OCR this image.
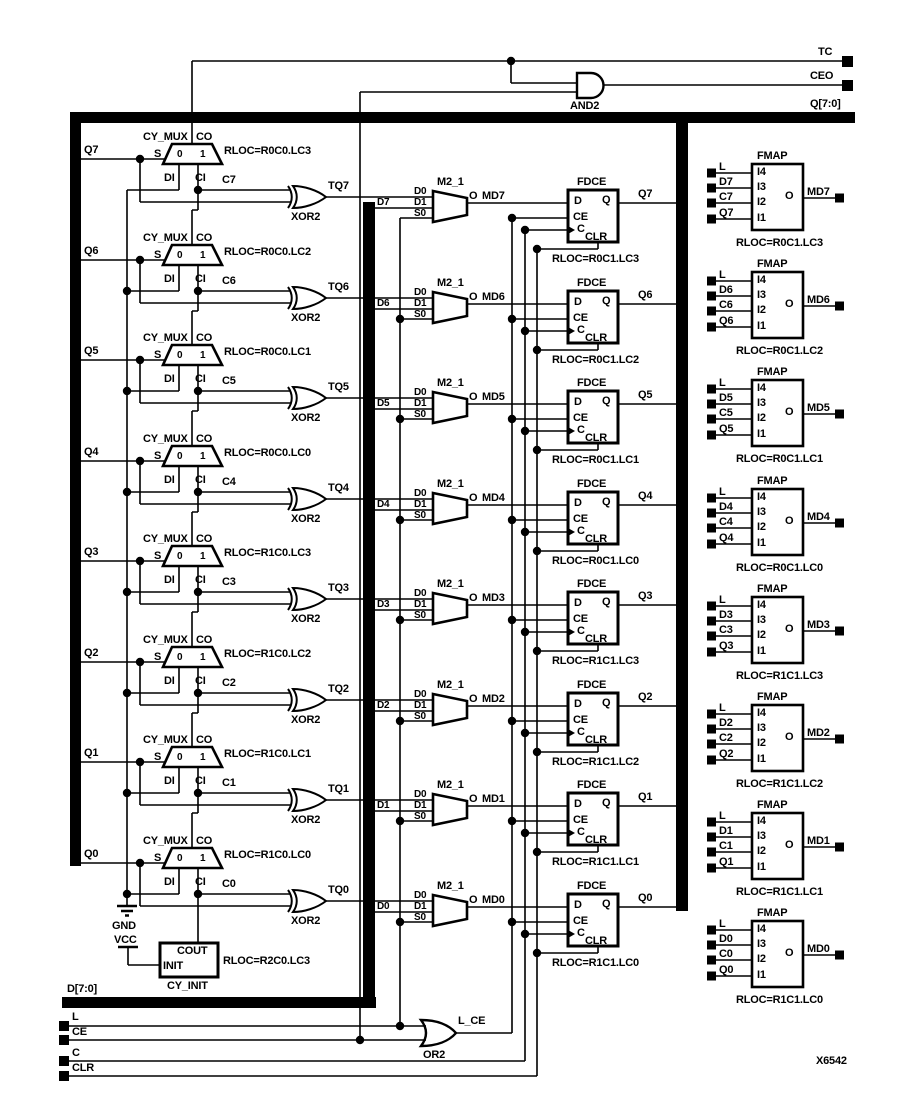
TC
CEO
Q[7:0]
AND2
D[7:0]
L
CE
C
CLR
OR2
L_CE
GND
VCC
COUT
INIT	RLOC=R2C0.LC3
CY_INIT
X6542
Q7
CY_MUX CO
RLOC=R0C0.LC3
S 0 1
DI CI C7	TQ7
XOR2
M2_1
D0
D1
S0
D7
O MD7
FDCE
D Q
CE
C
CLR
RLOC=R0C1.LC3
Q7
Q6
CY_MUX CO
RLOC=R0C0.LC2
S 0 1
DI CI C6	TQ6
XOR2
M2_1
D0
D1
S0
D6
O MD6
FDCE
D Q
CE
C
CLR
RLOC=R0C1.LC2
Q6
Q5
CY_MUX CO
RLOC=R0C0.LC1
S 0 1
DI CI C5	TQ5
XOR2
M2_1
D0
D1
S0
D5
O MD5
FDCE
D Q
CE
C
CLR
RLOC=R0C1.LC1
Q5
Q4
CY_MUX CO
RLOC=R0C0.LC0
S 0 1
DI CI C4	TQ4
XOR2
M2_1
D0
D1
S0
D4
O MD4
FDCE
D Q
CE
C
CLR
RLOC=R0C1.LC0
Q4
Q3
CY_MUX CO
RLOC=R1C0.LC3
S 0 1
DI CI C3	TQ3
XOR2
M2_1
D0
D1
S0
D3
O MD3
FDCE
D Q
CE
C
CLR
RLOC=R1C1.LC3
Q3
Q2
CY_MUX CO
RLOC=R1C0.LC2
S 0 1
DI CI C2	TQ2
XOR2
M2_1
D0
D1
S0
D2
O MD2
FDCE
D Q
CE
C
CLR
RLOC=R1C1.LC2
Q2
Q1
CY_MUX CO
RLOC=R1C0.LC1
S 0 1
DI CI C1	TQ1
XOR2
M2_1
D0
D1
S0
D1
O MD1
FDCE
D Q
CE
C
CLR
RLOC=R1C1.LC1
Q1
Q0
CY_MUX CO
RLOC=R1C0.LC0
S 0 1
DI CI C0	TQ0
XOR2
M2_1
D0
D1
S0
D0
O MD0
FDCE
D Q
CE
C
CLR
RLOC=R1C1.LC0
Q0
FMAP
L
D7
C7
Q7
I4
I3
I2
I1
O MD7
RLOC=R0C1.LC3
FMAP
L
D6
C6
Q6
I4
I3
I2
I1
O MD6
RLOC=R0C1.LC2
FMAP
L
D5
C5
Q5
I4
I3
I2
I1
O MD5
RLOC=R0C1.LC1
FMAP
L
D4
C4
Q4
I4
I3
I2
I1
O MD4
RLOC=R0C1.LC0
FMAP
L
D3
C3
Q3
I4
I3
I2
I1
O MD3
RLOC=R1C1.LC3
FMAP
L
D2
C2
Q2
I4
I3
I2
I1
O MD2
RLOC=R1C1.LC2
FMAP
L
D1
C1
Q1
I4
I3
I2
I1
O MD1
RLOC=R1C1.LC1
FMAP
L
D0
C0
Q0
I4
I3
I2
I1
O MD0
RLOC=R1C1.LC0
